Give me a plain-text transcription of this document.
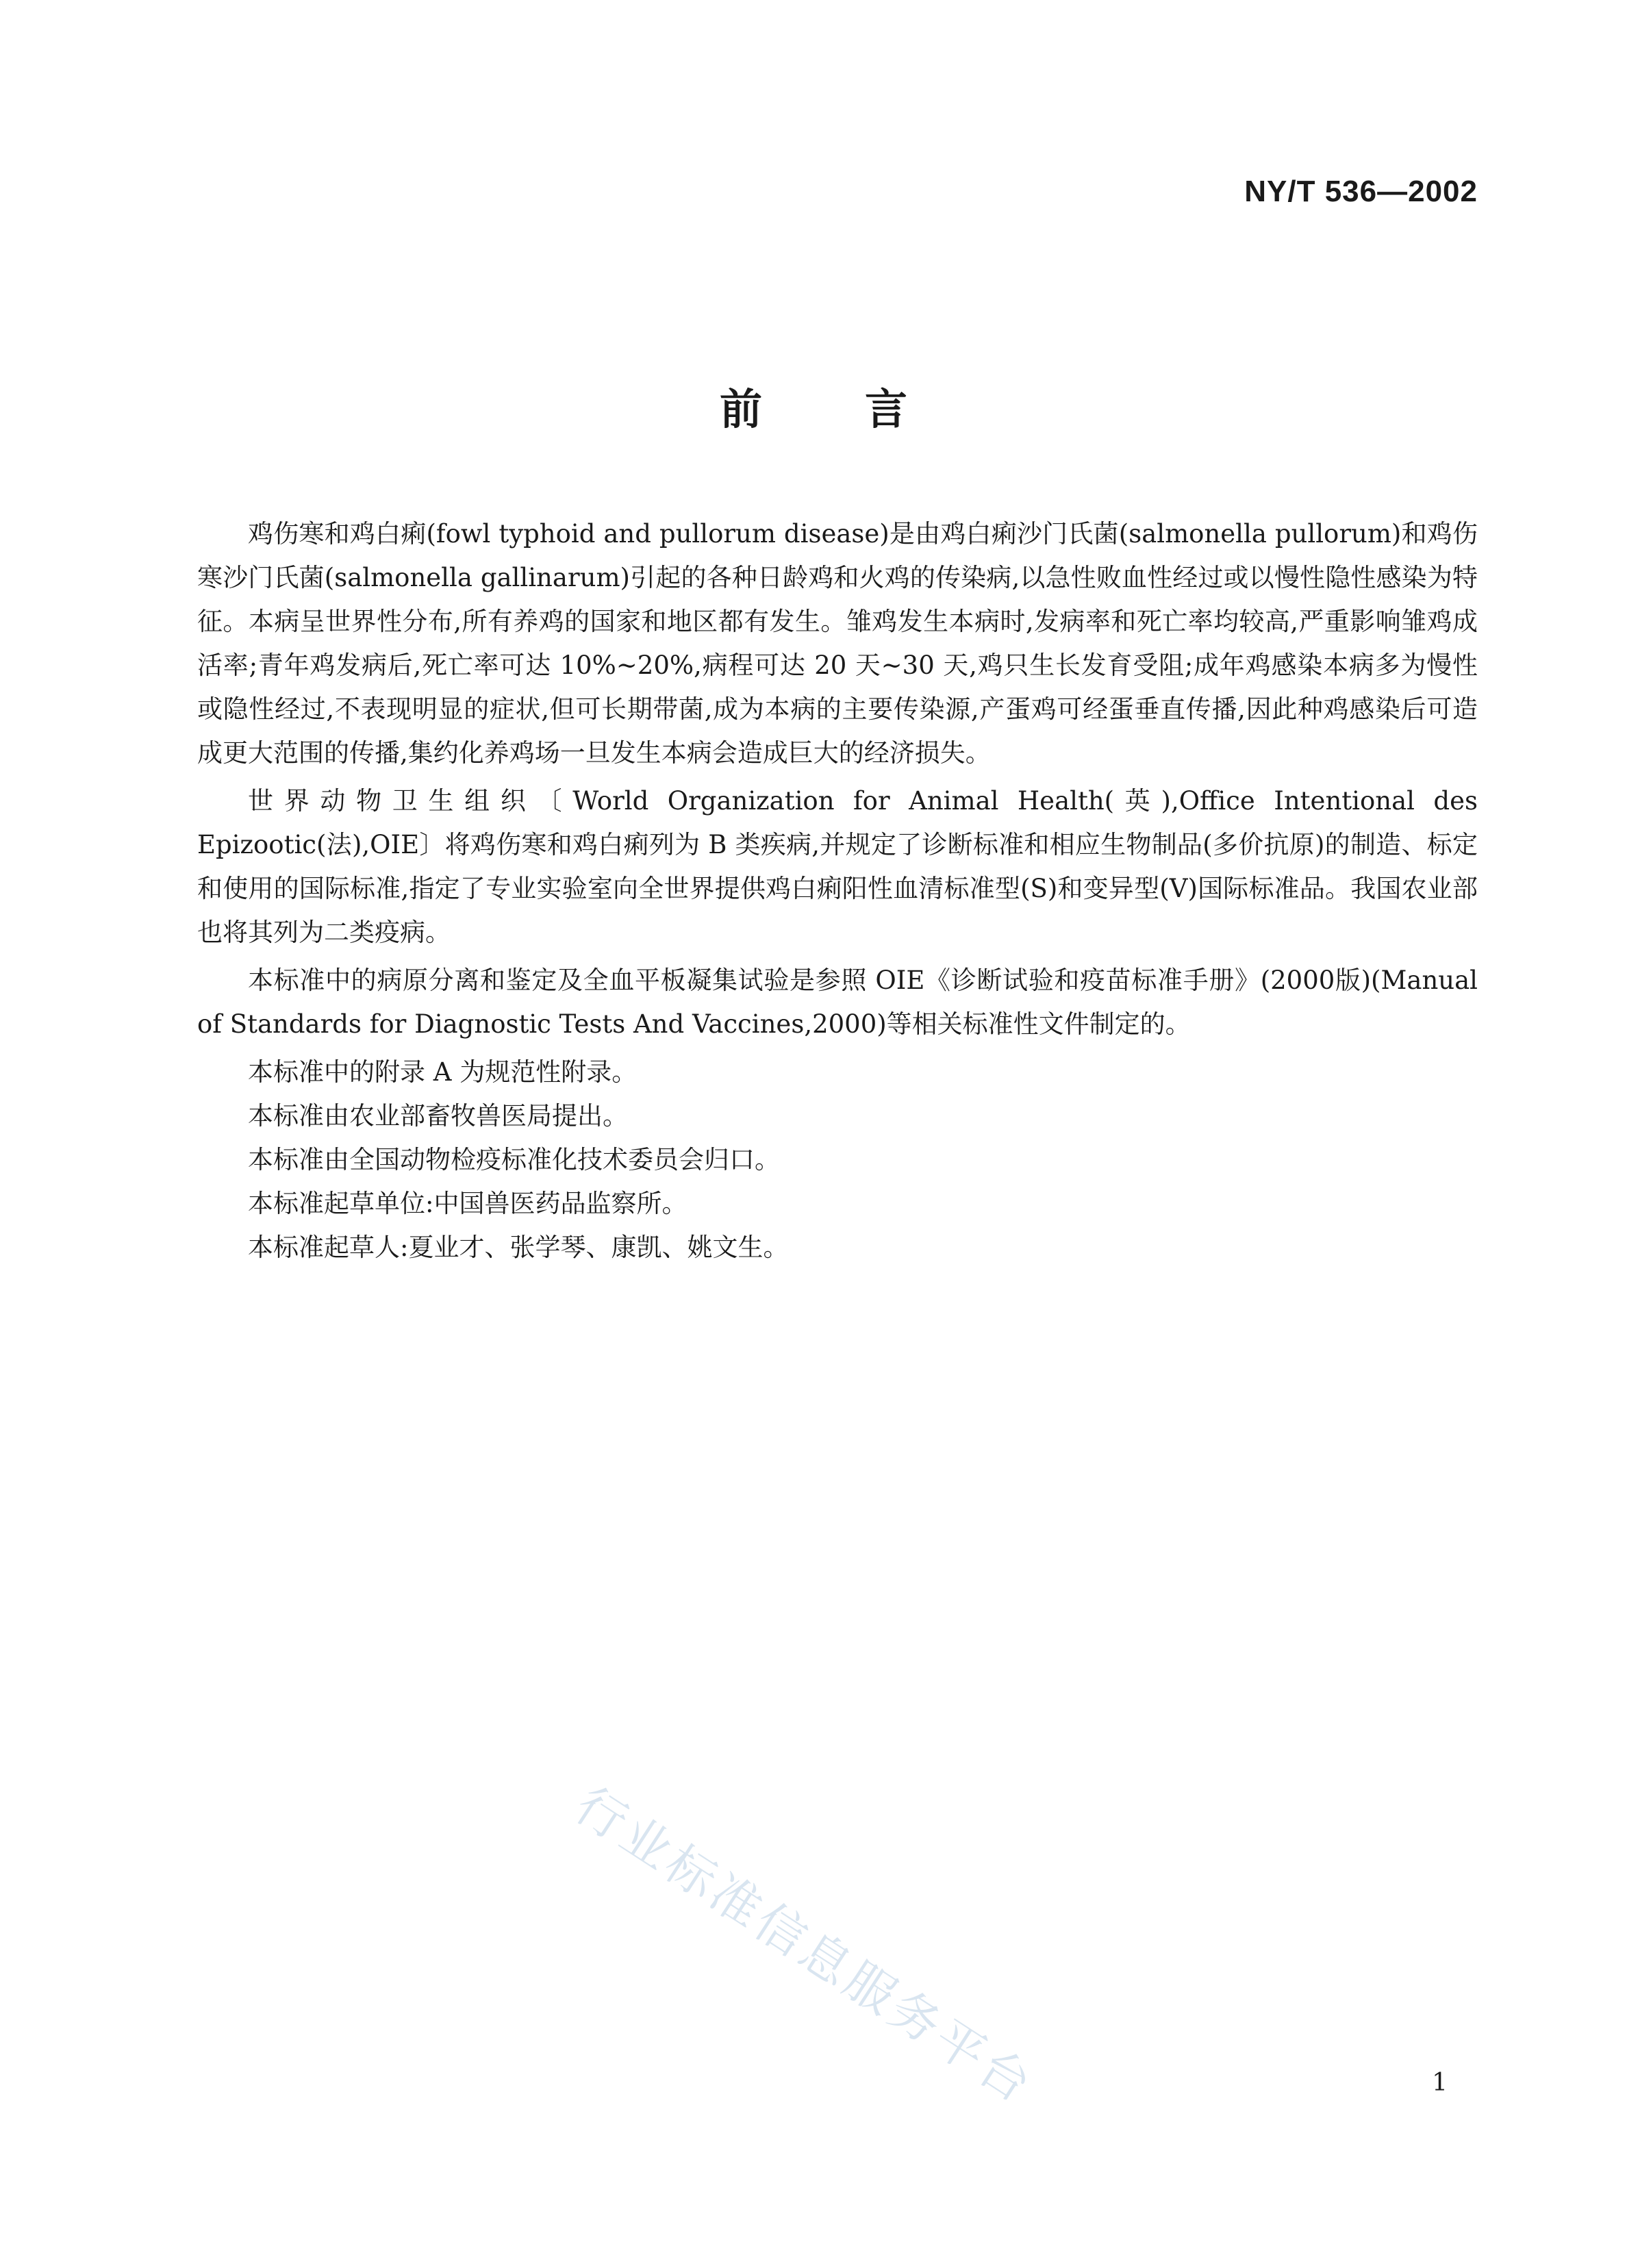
NY/T 536—2002
前言

鸡伤寒和鸡白痢(fowl typhoid and pullorum disease)是由鸡白痢沙门氏菌(salmonella pullorum)和鸡伤寒沙门氏菌(salmonella gallinarum)引起的各种日龄鸡和火鸡的传染病,以急性败血性经过或以慢性隐性感染为特征。本病呈世界性分布,所有养鸡的国家和地区都有发生。雏鸡发生本病时,发病率和死亡率均较高,严重影响雏鸡成活率;青年鸡发病后,死亡率可达 10%~20%,病程可达 20 天~30 天,鸡只生长发育受阻;成年鸡感染本病多为慢性或隐性经过,不表现明显的症状,但可长期带菌,成为本病的主要传染源,产蛋鸡可经蛋垂直传播,因此种鸡感染后可造成更大范围的传播,集约化养鸡场一旦发生本病会造成巨大的经济损失。

世界动物卫生组织〔World Organization for Animal Health(英),Office Intentional des Epizootic(法),OIE〕将鸡伤寒和鸡白痢列为 B 类疾病,并规定了诊断标准和相应生物制品(多价抗原)的制造、标定和使用的国际标准,指定了专业实验室向全世界提供鸡白痢阳性血清标准型(S)和变异型(V)国际标准品。我国农业部也将其列为二类疫病。

本标准中的病原分离和鉴定及全血平板凝集试验是参照 OIE《诊断试验和疫苗标准手册》(2000版)(Manual of Standards for Diagnostic Tests And Vaccines,2000)等相关标准性文件制定的。

本标准中的附录 A 为规范性附录。

本标准由农业部畜牧兽医局提出。

本标准由全国动物检疫标准化技术委员会归口。

本标准起草单位:中国兽医药品监察所。

本标准起草人:夏业才、张学琴、康凯、姚文生。

行业标准信息服务平台	1
